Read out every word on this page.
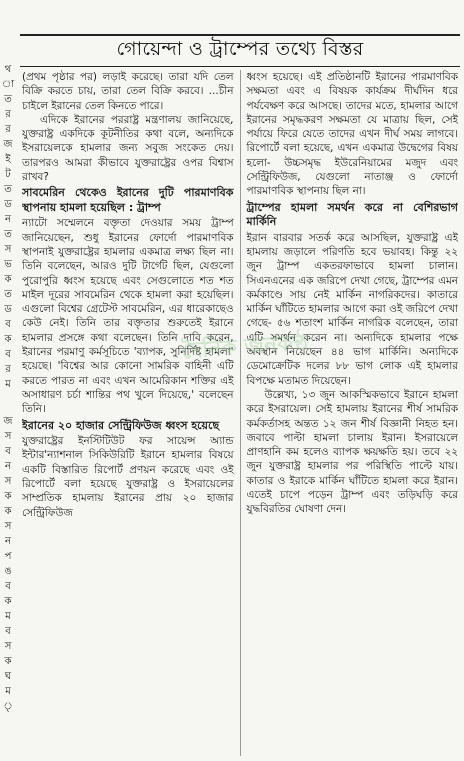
থ
া
ত
র
র
জ
ই
ট
ত
ড
ন
ত
স
ভ
ক
ত
ড
ব
ক
ব
র
ম
জ
স
ব
ন
স
ক
ক
স
ন
প
ঙ
ব
ক
ম
ব
স
ক
ঘ
ম
ৃ
গোয়েন্দা ও ট্রাম্পের তথ্যে বিস্তর

(প্রথম পৃষ্ঠার পর) লড়াই করেছে। তারা যদি তেল বিক্রি করতে চায়, তারা তেল বিক্রি করবে। ...চীন চাইলে ইরানের তেল কিনতে পারে।

এদিকে ইরানের পররাষ্ট্র মন্ত্রণালয় জানিয়েছে, যুক্তরাষ্ট্র একদিকে কূটনীতির কথা বলে, অন্যদিকে ইসরায়েলকে হামলার জন্য সবুজ সংকেত দেয়। তারপরও আমরা কীভাবে যুক্তরাষ্ট্রের ওপর বিশ্বাস রাখব?

সাবমেরিন থেকেও ইরানের দুটি পারমাণবিক স্থাপনায় হামলা হয়েছিল : ট্রাম্প

ন্যাটো সম্মেলনে বক্তৃতা দেওয়ার সময় ট্রাম্প জানিয়েছেন, শুধু ইরানের ফোর্দো পারমাণবিক স্থাপনাই যুক্তরাষ্ট্রের হামলার একমাত্র লক্ষ্য ছিল না। তিনি বলেছেন, আরও দুটি টার্গেট ছিল, যেগুলো পুরোপুরি ধ্বংস হয়েছে এবং সেগুলোতে শত শত মাইল দূরের সাবমেরিন থেকে হামলা করা হয়েছিল। এগুলো বিশ্বের গ্রেটেস্ট সাবমেরিন, এর ধারেকাছেও কেউ নেই। তিনি তার বক্তৃতার শুরুতেই ইরানে হামলার প্রসঙ্গে কথা বলেছেন। তিনি দাবি করেন, ইরানের পরমাণু কর্মসূচিতে 'ব্যাপক, সুনির্দিষ্ট হামলা' হয়েছে। 'বিশ্বের আর কোনো সামরিক বাহিনী এটি করতে পারত না এবং এখন আমেরিকান শক্তির এই অসাধারণ চর্চা শান্তির পথ খুলে দিয়েছে,' বলেছেন তিনি।

ইরানের ২০ হাজার সেন্ট্রিফিউজ ধ্বংস হয়েছে

যুক্তরাষ্ট্রের ইনস্টিটিউট ফর সায়েন্স অ্যান্ড ইন্টার'ন্যাশনাল সিকিউরিটি ইরানে হামলার বিষয়ে একটি বিস্তারিত রিপোর্ট প্রণয়ন করেছে এবং ওই রিপোর্টে বলা হয়েছে যুক্তরাষ্ট্র ও ইসরায়েলের সাম্প্রতিক হামলায় ইরানের প্রায় ২০ হাজার সেন্ট্রিফিউজ

ধ্বংস হয়েছে। এই প্রতিষ্ঠানটি ইরানের পারমাণবিক সক্ষমতা এবং এ বিষয়ক কার্যক্রম দীর্ঘদিন ধরে পর্যবেক্ষণ করে আসছে। তাদের মতে, হামলার আগে ইরানের সমৃদ্ধকরণ সক্ষমতা যে মাত্রায় ছিল, সেই পর্যায়ে ফিরে যেতে তাদের এখন দীর্ঘ সময় লাগবে। রিপোর্টে বলা হয়েছে, এখন একমাত্র উদ্বেগের বিষয় হলো- উচ্চসমৃদ্ধ ইউরেনিয়ামের মজুদ এবং সেন্ট্রিফিউজ, যেগুলো নাতাঞ্জ ও ফোর্দো পারমাণবিক স্থাপনায় ছিল না।

ট্রাম্পের হামলা সমর্থন করে না বেশিরভাগ মার্কিনি

ইরান বারবার সতর্ক করে আসছিল, যুক্তরাষ্ট্র এই হামলায় জড়ালে পরিণতি হবে ভয়াবহ। কিন্তু ২২ জুন ট্রাম্প একতরফাভাবে হামলা চালান। সিএনএনের এক জরিপে দেখা গেছে, ট্রাম্পের এমন কর্মকাণ্ডে সায় নেই মার্কিন নাগরিকদের। কাতারে মার্কিন ঘাঁটিতে হামলার আগে করা ওই জরিপে দেখা গেছে- ৫৬ শতাংশ মার্কিন নাগরিক বলেছেন, তারা এটি সমর্থন করেন না। অন্যদিকে হামলার পক্ষে অবস্থান নিয়েছেন ৪৪ ভাগ মার্কিনি। অন্যদিকে ডেমোক্রেটিক দলের ৮৮ ভাগ লোক এই হামলার বিপক্ষে মতামত দিয়েছেন।

উল্লেখ্য, ১৩ জুন আকস্মিকভাবে ইরানে হামলা করে ইসরায়েল। সেই হামলায় ইরানের শীর্ষ সামরিক কর্মকর্তাসহ অন্তত ১২ জন শীর্ষ বিজ্ঞানী নিহত হন। জবাবে পাল্টা হামলা চালায় ইরান। ইসরায়েলে প্রাণহানি কম হলেও ব্যাপক ক্ষয়ক্ষতি হয়। তবে ২২ জুন যুক্তরাষ্ট্র হামলার পর পরিস্থিতি পাল্টে যায়। কাতার ও ইরাকে মার্কিন ঘাঁটিতে হামলা করে ইরান। এতেই চাপে পড়েন ট্রাম্প এবং তড়িঘড়ি করে যুদ্ধবিরতির ঘোষণা দেন।

দৈনিক জনকণ্ঠ
